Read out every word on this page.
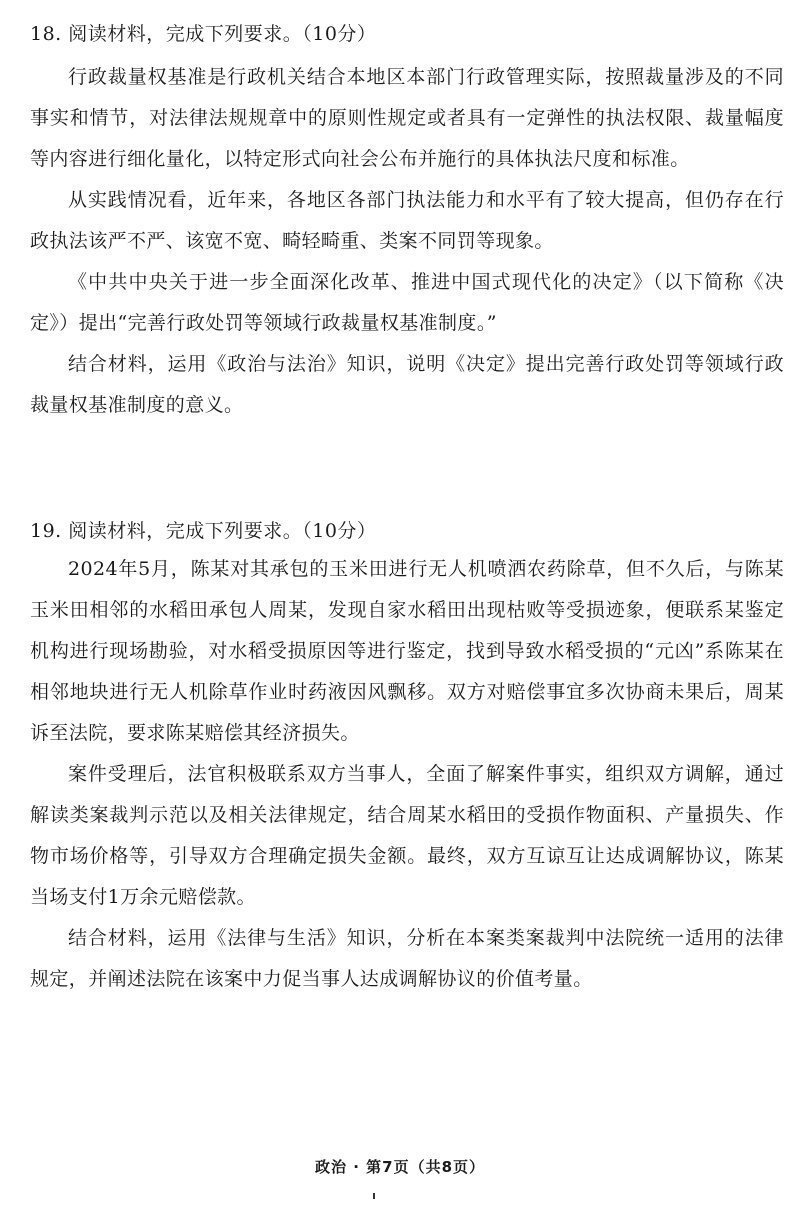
18. 阅读材料，完成下列要求。（10分）

行政裁量权基准是行政机关结合本地区本部门行政管理实际，按照裁量涉及的不同事实和情节，对法律法规规章中的原则性规定或者具有一定弹性的执法权限、裁量幅度等内容进行细化量化，以特定形式向社会公布并施行的具体执法尺度和标准。

从实践情况看，近年来，各地区各部门执法能力和水平有了较大提高，但仍存在行政执法该严不严、该宽不宽、畸轻畸重、类案不同罚等现象。

《中共中央关于进一步全面深化改革、推进中国式现代化的决定》（以下简称《决定》）提出“完善行政处罚等领域行政裁量权基准制度。”

结合材料，运用《政治与法治》知识，说明《决定》提出完善行政处罚等领域行政裁量权基准制度的意义。

19. 阅读材料，完成下列要求。（10分）

2024年5月，陈某对其承包的玉米田进行无人机喷洒农药除草，但不久后，与陈某玉米田相邻的水稻田承包人周某，发现自家水稻田出现枯败等受损迹象，便联系某鉴定机构进行现场勘验，对水稻受损原因等进行鉴定，找到导致水稻受损的“元凶”系陈某在相邻地块进行无人机除草作业时药液因风飘移。双方对赔偿事宜多次协商未果后，周某诉至法院，要求陈某赔偿其经济损失。

案件受理后，法官积极联系双方当事人，全面了解案件事实，组织双方调解，通过解读类案裁判示范以及相关法律规定，结合周某水稻田的受损作物面积、产量损失、作物市场价格等，引导双方合理确定损失金额。最终，双方互谅互让达成调解协议，陈某当场支付1万余元赔偿款。

结合材料，运用《法律与生活》知识，分析在本案类案裁判中法院统一适用的法律规定，并阐述法院在该案中力促当事人达成调解协议的价值考量。

政治 · 第7页（共8页）
